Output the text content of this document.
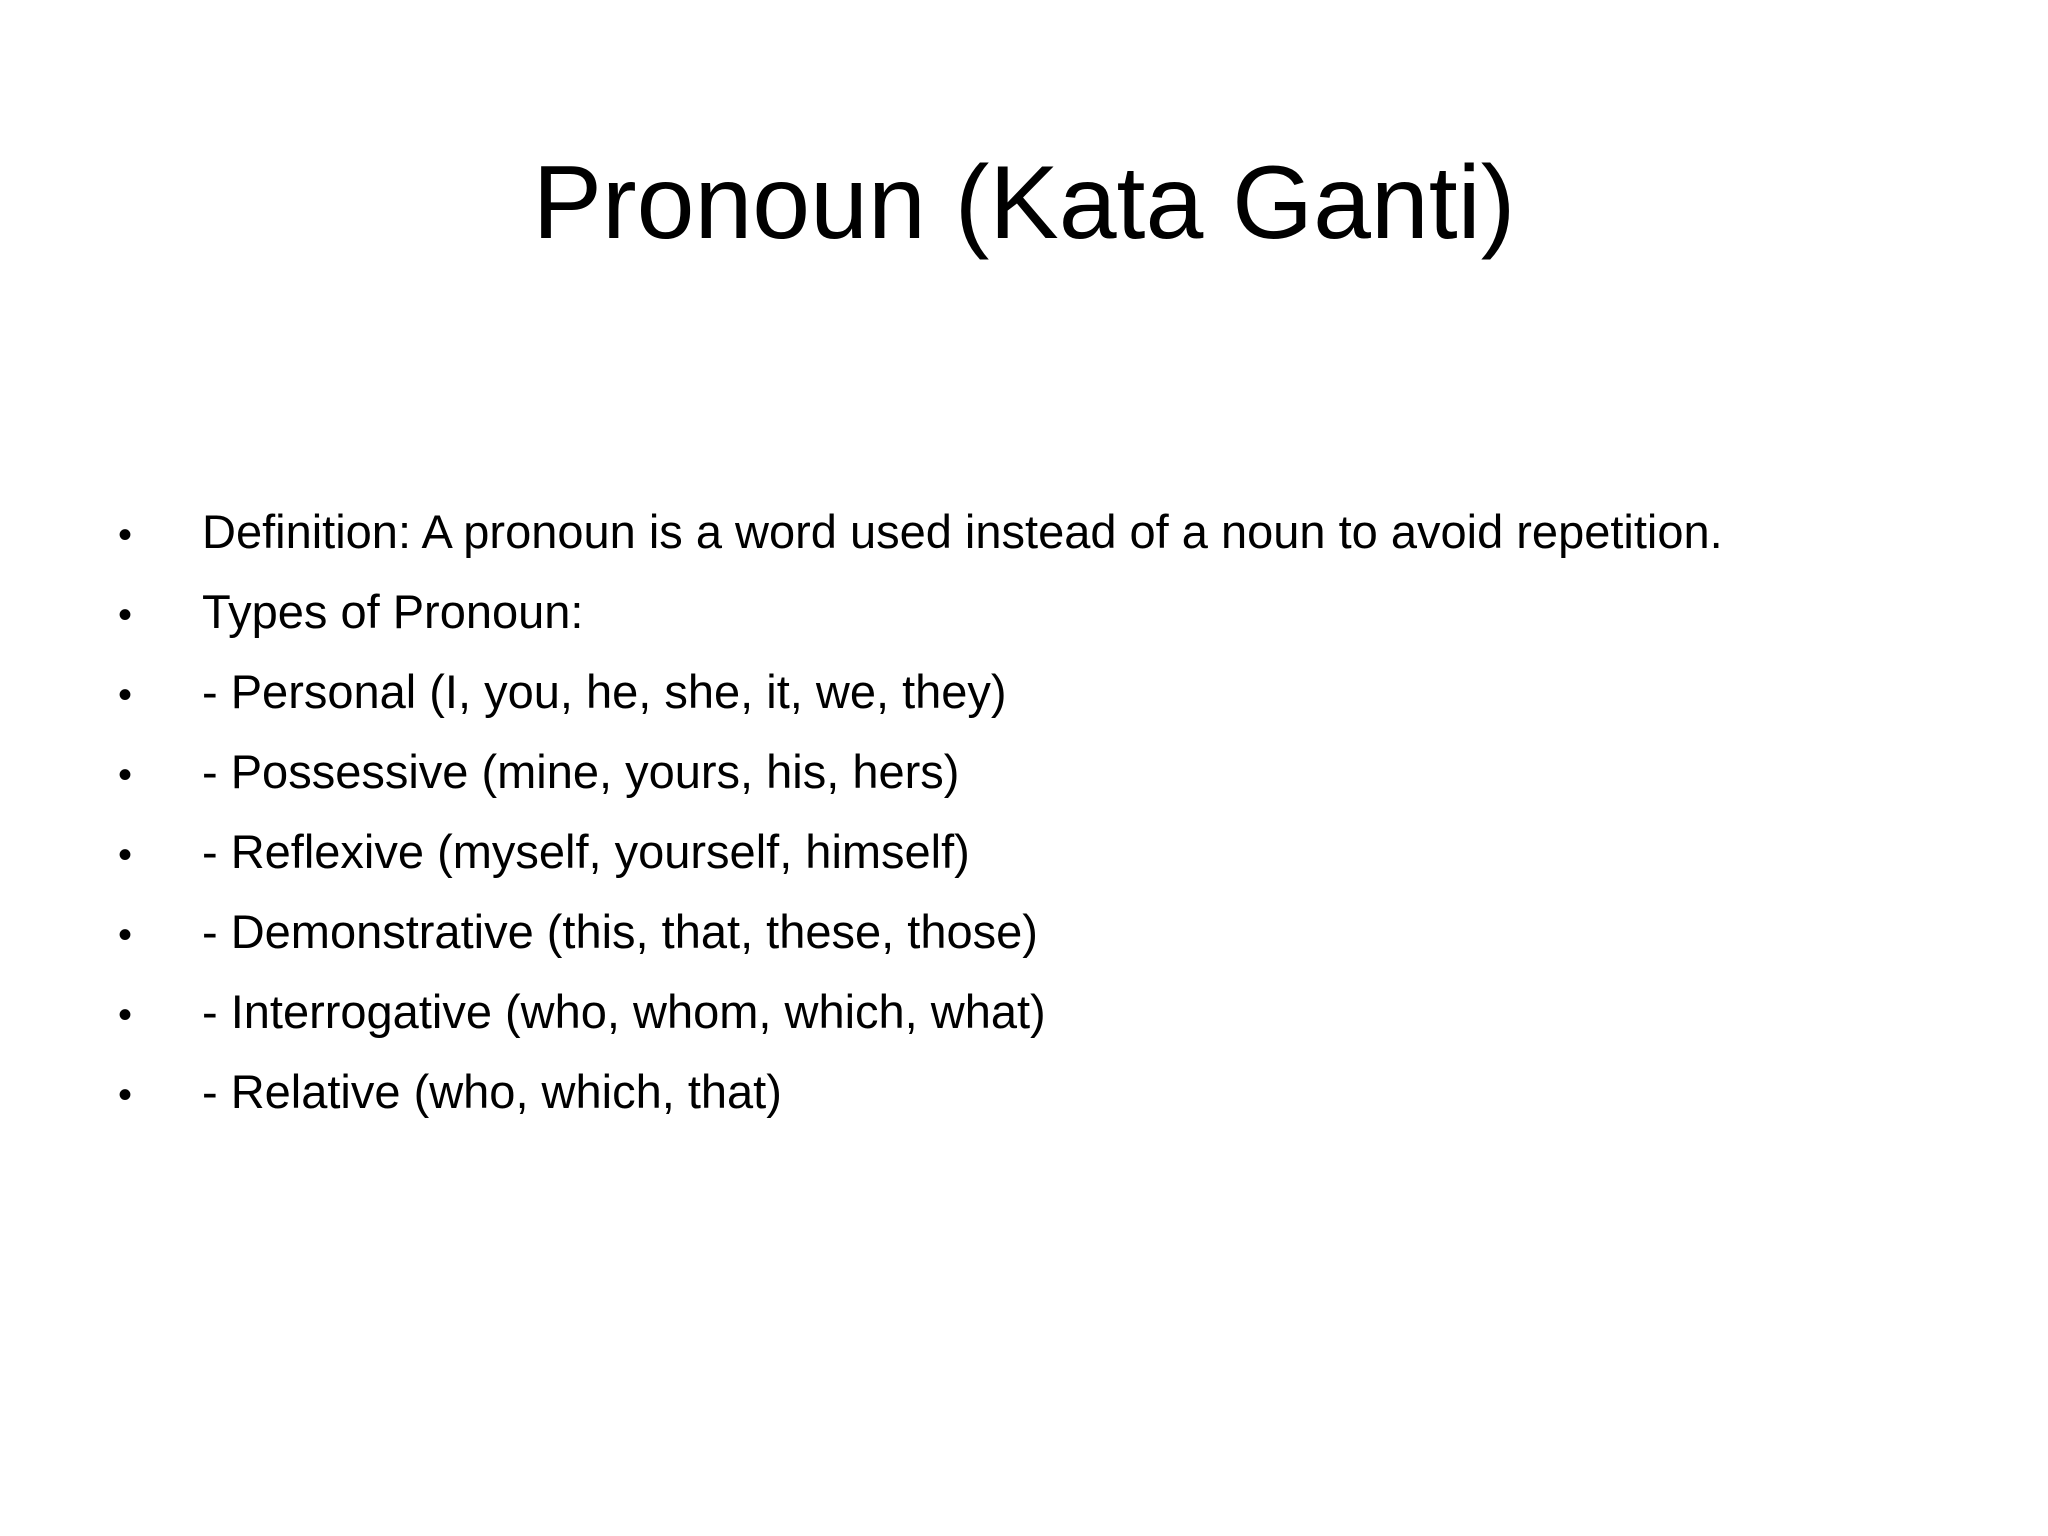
Pronoun (Kata Ganti)
•	Definition: A pronoun is a word used instead of a noun to avoid repetition.
•	Types of Pronoun:
•	- Personal (I, you, he, she, it, we, they)
•	- Possessive (mine, yours, his, hers)
•	- Reflexive (myself, yourself, himself)
•	- Demonstrative (this, that, these, those)
•	- Interrogative (who, whom, which, what)
•	- Relative (who, which, that)
